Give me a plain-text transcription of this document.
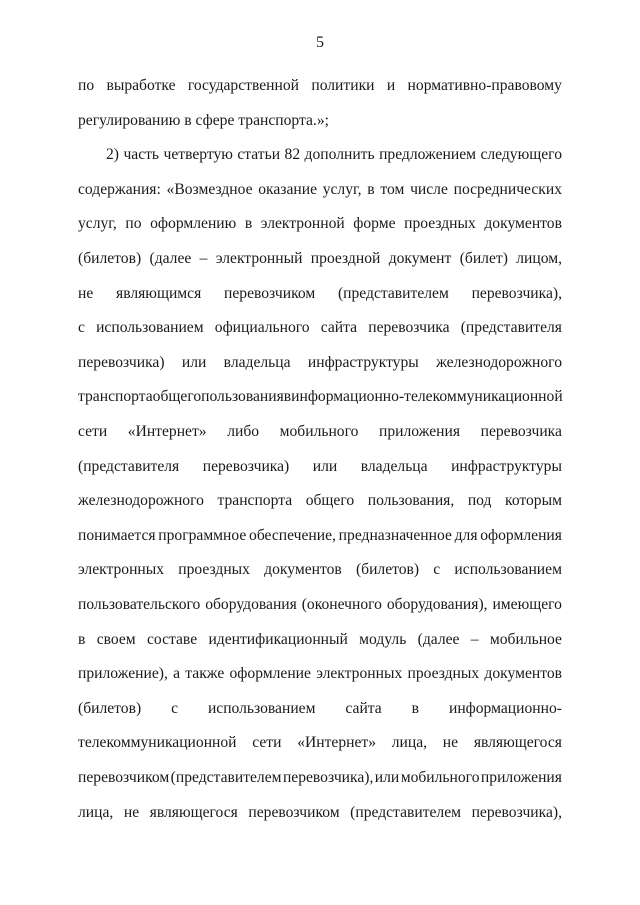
5
по выработке государственной политики и нормативно-правовому
регулированию в сфере транспорта.»;
2) часть четвертую статьи 82 дополнить предложением следующего
содержания: «Возмездное оказание услуг, в том числе посреднических
услуг, по оформлению в электронной форме проездных документов
(билетов) (далее – электронный проездной документ (билет) лицом,
не являющимся перевозчиком (представителем перевозчика),
с использованием официального сайта перевозчика (представителя
перевозчика) или владельца инфраструктуры железнодорожного
транспорта общего пользования в информационно-телекоммуникационной
сети «Интернет» либо мобильного приложения перевозчика
(представителя перевозчика) или владельца инфраструктуры
железнодорожного транспорта общего пользования, под которым
понимается программное обеспечение, предназначенное для оформления
электронных проездных документов (билетов) с использованием
пользовательского оборудования (оконечного оборудования), имеющего
в своем составе идентификационный модуль (далее – мобильное
приложение), а также оформление электронных проездных документов
(билетов) с использованием сайта в информационно-
телекоммуникационной сети «Интернет» лица, не являющегося
перевозчиком (представителем перевозчика), или мобильного приложения
лица, не являющегося перевозчиком (представителем перевозчика),
